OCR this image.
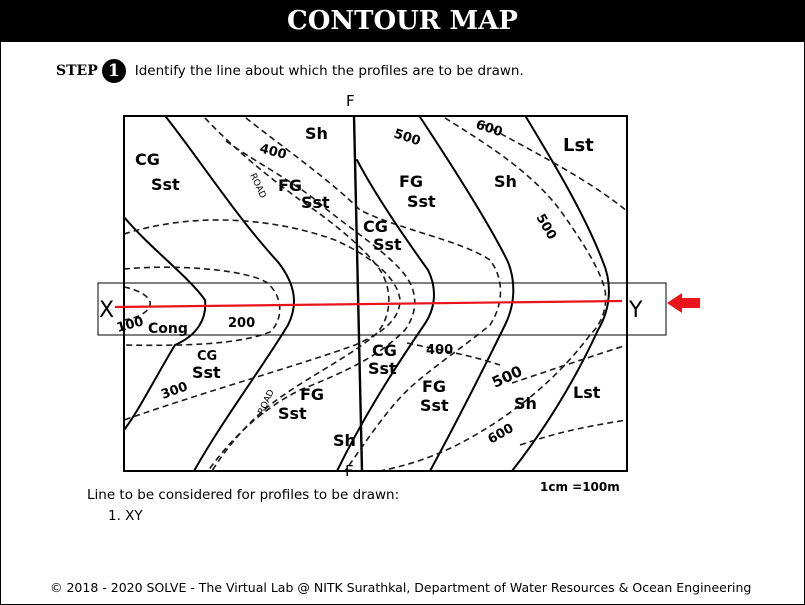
CONTOUR MAP
STEP 1	Identify the line about which the profiles are to be drawn.
F
F
X	Y
1cm =100m
ROAD
ROAD
400
500	600
500
100	200
300
400
500
600
CG
Sst
Sh
FG
Sst
CG
Sst
FG
Sst
Sh
Lst
Cong
CG
Sst
FG
Sst
Sh
CG
Sst
FG
Sst	Sh
Lst
Line to be considered for profiles to be drawn:
1. XY
© 2018 - 2020 SOLVE - The Virtual Lab @ NITK Surathkal, Department of Water Resources & Ocean Engineering
